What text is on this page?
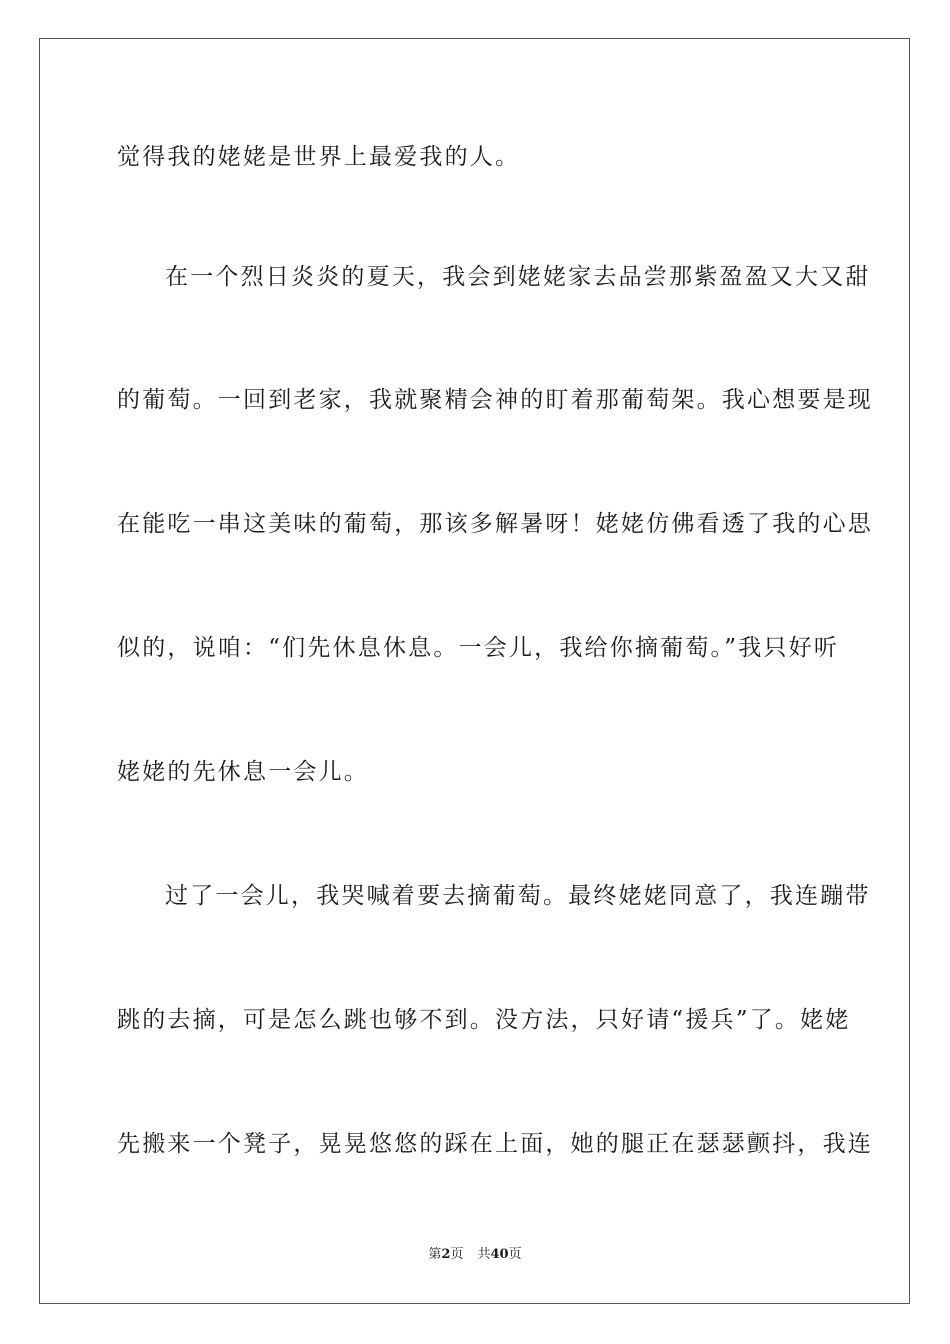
觉得我的姥姥是世界上最爱我的人。
在一个烈日炎炎的夏天，我会到姥姥家去品尝那紫盈盈又大又甜
的葡萄。一回到老家，我就聚精会神的盯着那葡萄架。我心想要是现
在能吃一串这美味的葡萄，那该多解暑呀！姥姥仿佛看透了我的心思
似的，说咱：“们先休息休息。一会儿，我给你摘葡萄。”我只好听
姥姥的先休息一会儿。
过了一会儿，我哭喊着要去摘葡萄。最终姥姥同意了，我连蹦带
跳的去摘，可是怎么跳也够不到。没方法，只好请“援兵”了。姥姥
先搬来一个凳子，晃晃悠悠的踩在上面，她的腿正在瑟瑟颤抖，我连
第2页 共40页
